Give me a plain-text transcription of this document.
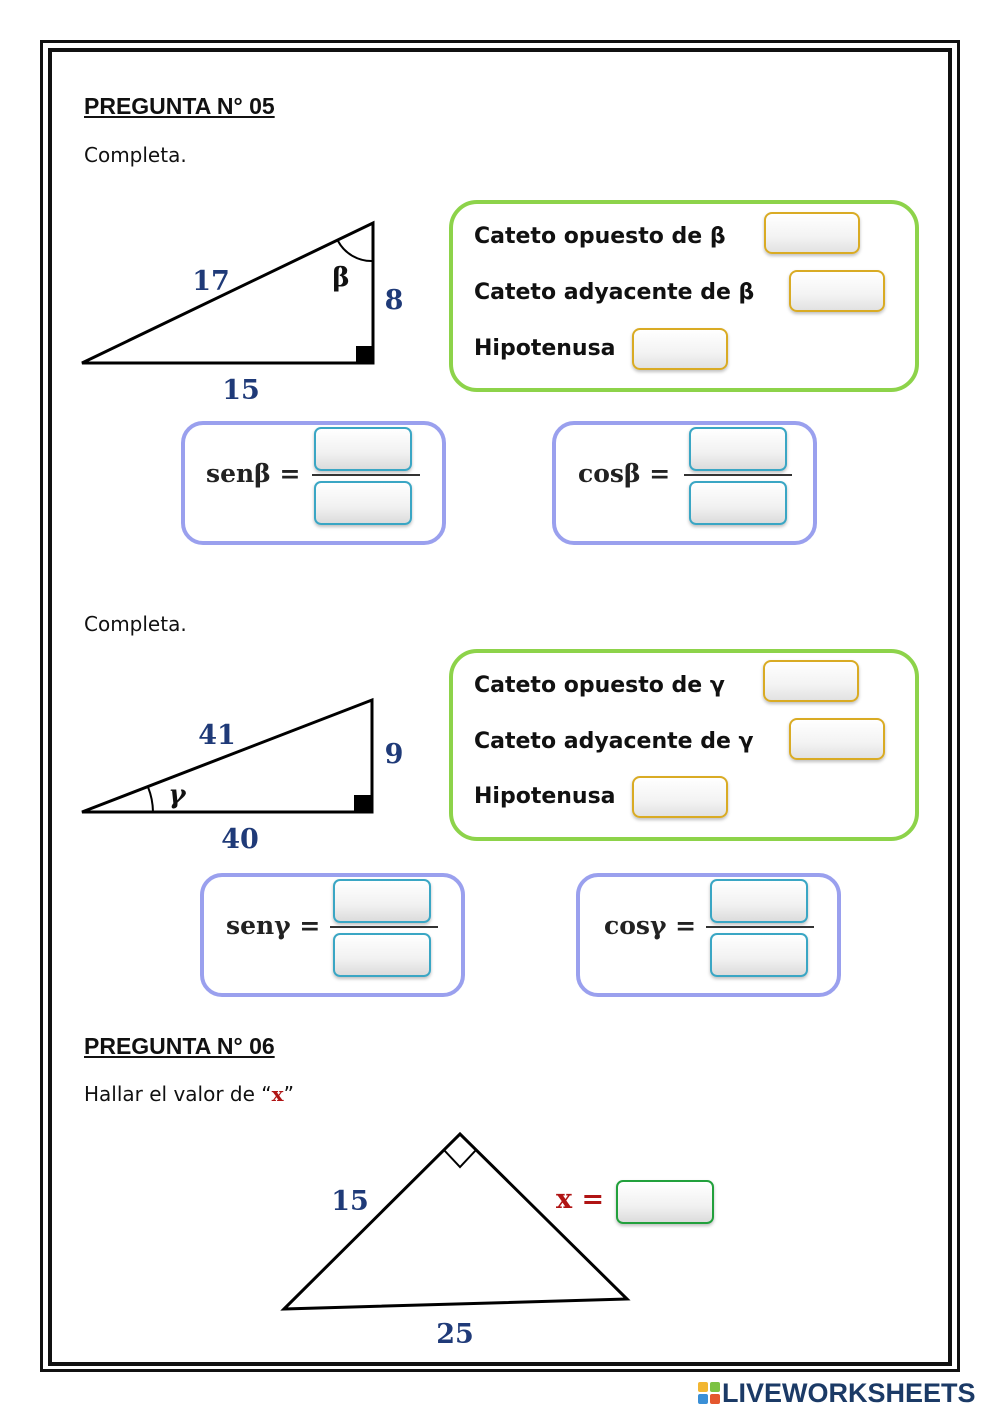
PREGUNTA N° 05
Completa.
17
8
15
β
Cateto opuesto de β
Cateto adyacente de β
Hipotenusa
senβ =	cosβ =
Completa.
41
9
40
γ
Cateto opuesto de γ
Cateto adyacente de γ
Hipotenusa
senγ =	cosγ =
PREGUNTA N° 06
Hallar el valor de “x”
15
25
x =
LIVEWORKSHEETS
